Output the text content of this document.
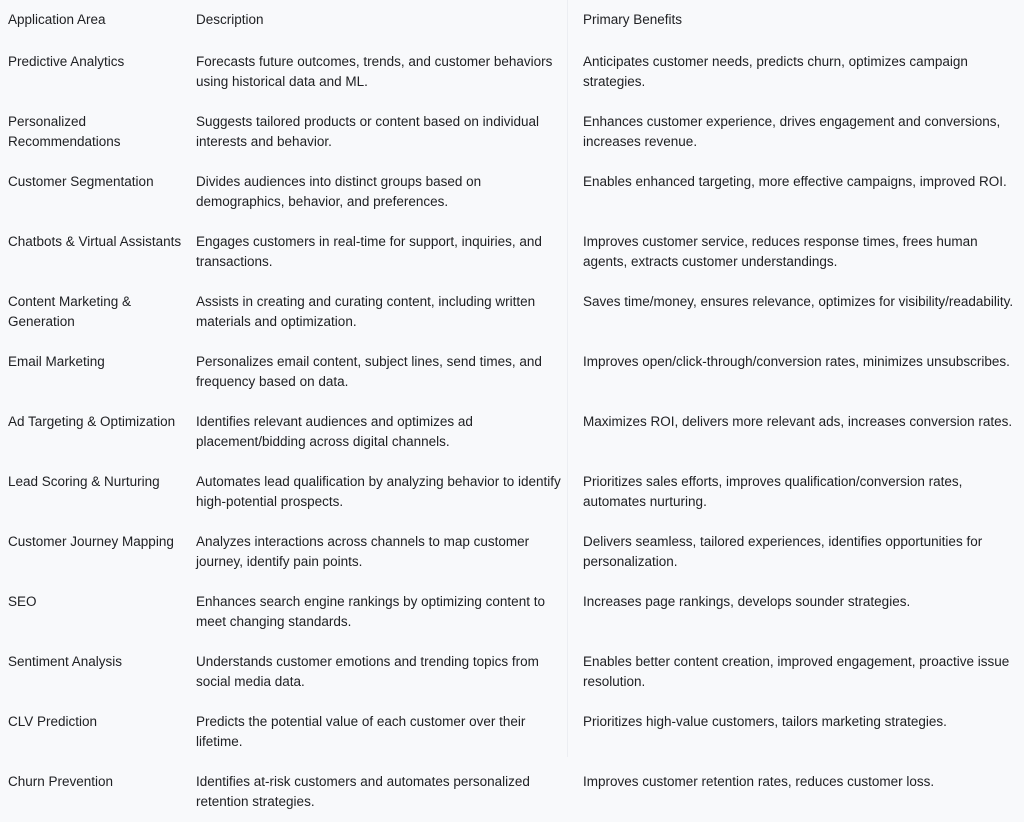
Application Area	Description	Primary Benefits
Predictive Analytics	Forecasts future outcomes, trends, and customer behaviors using historical data and ML.	Anticipates customer needs, predicts churn, optimizes campaign strategies.
Personalized Recommendations	Suggests tailored products or content based on individual interests and behavior.	Enhances customer experience, drives engagement and conversions, increases revenue.
Customer Segmentation	Divides audiences into distinct groups based on demographics, behavior, and preferences.	Enables enhanced targeting, more effective campaigns, improved ROI.
Chatbots & Virtual Assistants	Engages customers in real-time for support, inquiries, and transactions.	Improves customer service, reduces response times, frees human agents, extracts customer understandings.
Content Marketing & Generation	Assists in creating and curating content, including written materials and optimization.	Saves time/money, ensures relevance, optimizes for visibility/readability.
Email Marketing	Personalizes email content, subject lines, send times, and frequency based on data.	Improves open/click-through/conversion rates, minimizes unsubscribes.
Ad Targeting & Optimization	Identifies relevant audiences and optimizes ad placement/bidding across digital channels.	Maximizes ROI, delivers more relevant ads, increases conversion rates.
Lead Scoring & Nurturing	Automates lead qualification by analyzing behavior to identify high-potential prospects.	Prioritizes sales efforts, improves qualification/conversion rates, automates nurturing.
Customer Journey Mapping	Analyzes interactions across channels to map customer journey, identify pain points.	Delivers seamless, tailored experiences, identifies opportunities for personalization.
SEO	Enhances search engine rankings by optimizing content to meet changing standards.	Increases page rankings, develops sounder strategies.
Sentiment Analysis	Understands customer emotions and trending topics from social media data.	Enables better content creation, improved engagement, proactive issue resolution.
CLV Prediction	Predicts the potential value of each customer over their lifetime.	Prioritizes high-value customers, tailors marketing strategies.
Churn Prevention	Identifies at-risk customers and automates personalized retention strategies.	Improves customer retention rates, reduces customer loss.
